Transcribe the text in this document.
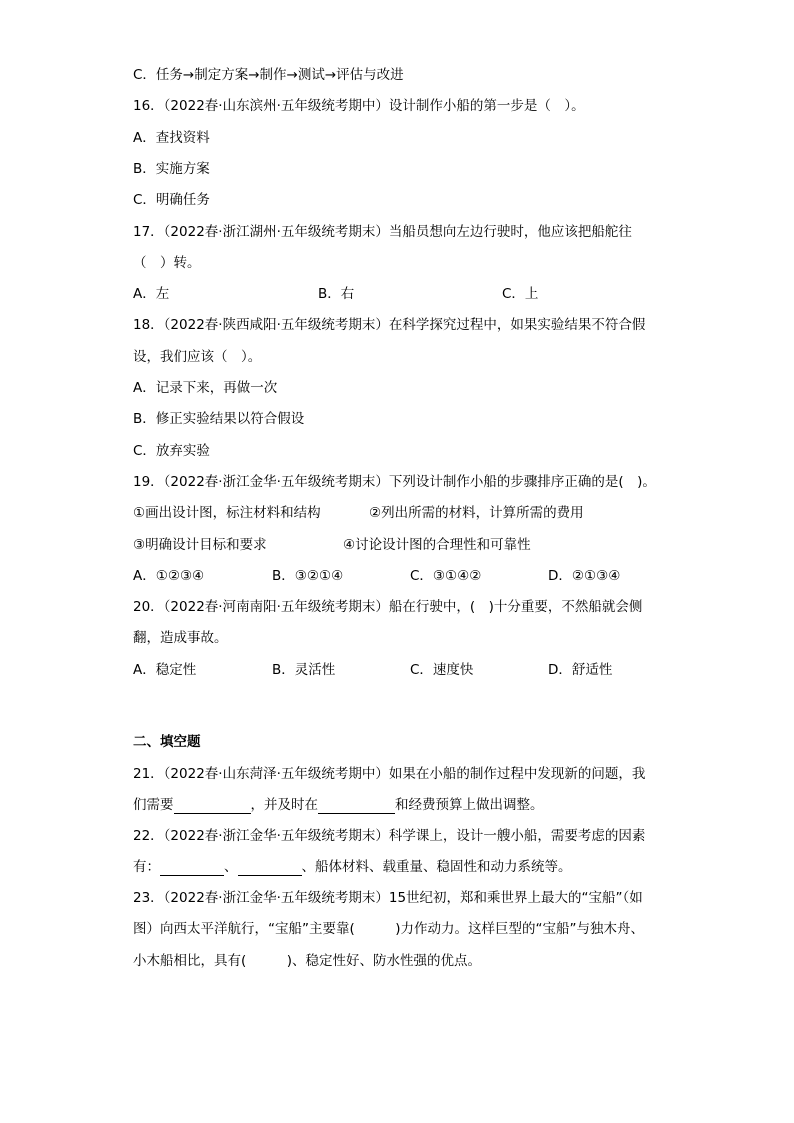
C．任务→制定方案→制作→测试→评估与改进
16．（2022春·山东滨州·五年级统考期中）设计制作小船的第一步是（　）。
A．查找资料
B．实施方案
C．明确任务
17．（2022春·浙江湖州·五年级统考期末）当船员想向左边行驶时，他应该把船舵往
（　）转。
A．左	B．右	C．上
18．（2022春·陕西咸阳·五年级统考期末）在科学探究过程中，如果实验结果不符合假
设，我们应该（　）。
A．记录下来，再做一次
B．修正实验结果以符合假设
C．放弃实验
19．（2022春·浙江金华·五年级统考期末）下列设计制作小船的步骤排序正确的是(　)。
①画出设计图，标注材料和结构	②列出所需的材料，计算所需的费用
③明确设计目标和要求	④讨论设计图的合理性和可靠性
A．①②③④	B．③②①④	C．③①④②	D．②①③④
20．（2022春·河南南阳·五年级统考期末）船在行驶中，(　)十分重要，不然船就会侧
翻，造成事故。
A．稳定性	B．灵活性	C．速度快	D．舒适性
二、填空题
21．（2022春·山东菏泽·五年级统考期中）如果在小船的制作过程中发现新的问题，我
们需要	，并及时在	和经费预算上做出调整。
22．（2022春·浙江金华·五年级统考期末）科学课上，设计一艘小船，需要考虑的因素
有：	、	、船体材料、载重量、稳固性和动力系统等。
23．（2022春·浙江金华·五年级统考期末）15世纪初，郑和乘世界上最大的“宝船”（如
图）向西太平洋航行，“宝船”主要靠(　　　)力作动力。这样巨型的“宝船”与独木舟、
小木船相比，具有(　　　)、稳定性好、防水性强的优点。
